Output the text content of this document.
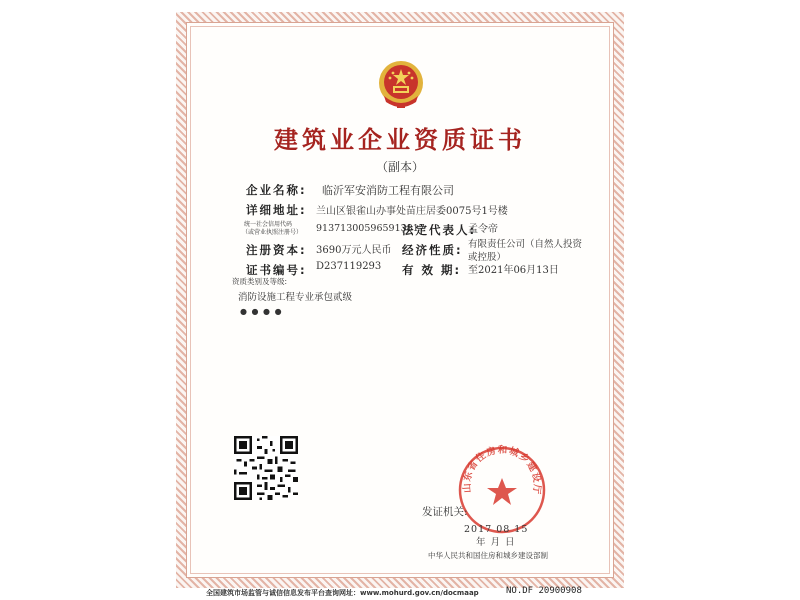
建筑业企业资质证书
（副本）
企业名称: 临沂军安消防工程有限公司
详细地址: 兰山区银雀山办事处苗庄居委0075号1号楼
统一社会信用代码
（或营业执照注册号） 913713005965913817
法定代表人:
孟令帝
注册资本: 3690万元人民币 经济性质: 有限责任公司（自然人投资
或控股）
证书编号: D237119293 有 效 期: 至2021年06月13日
资质类别及等级:
消防设施工程专业承包贰级
● ● ● ●
山东省住房和城乡建设厅
发证机关:
2017 08 15
年 月 日
中华人民共和国住房和城乡建设部制
全国建筑市场监管与诚信信息发布平台查询网址：www.mohurd.gov.cn/docmaap	NO.DF 20900908
